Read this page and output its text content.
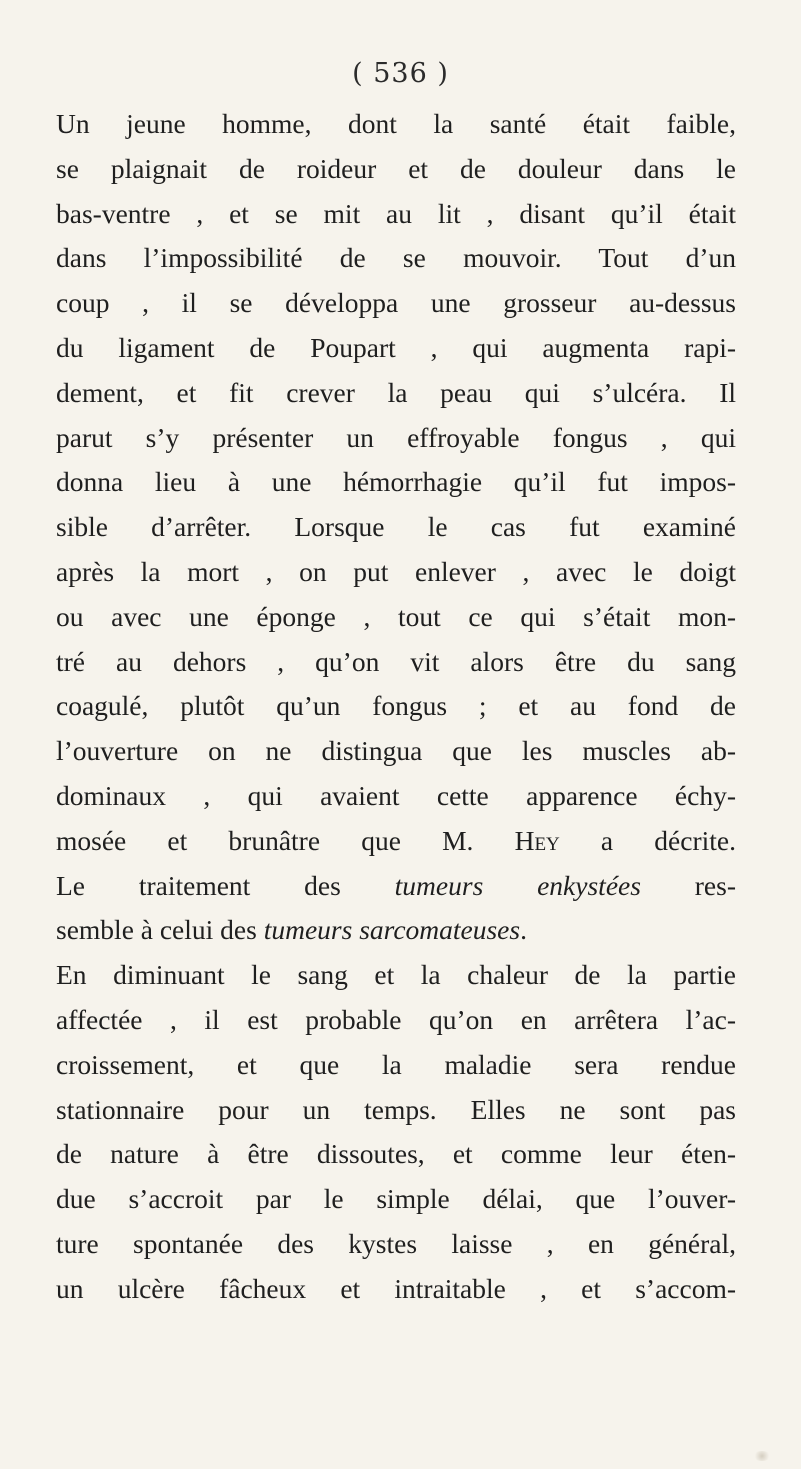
( 536 )
Un jeune homme, dont la santé était faible,
se plaignait de roideur et de douleur dans le
bas-ventre , et se mit au lit , disant qu’il était
dans l’impossibilité de se mouvoir. Tout d’un
coup , il se développa une grosseur au-dessus
du ligament de Poupart , qui augmenta rapi-
dement, et fit crever la peau qui s’ulcéra. Il
parut s’y présenter un effroyable fongus , qui
donna lieu à une hémorrhagie qu’il fut impos-
sible d’arrêter. Lorsque le cas fut examiné
après la mort , on put enlever , avec le doigt
ou avec une éponge , tout ce qui s’était mon-
tré au dehors , qu’on vit alors être du sang
coagulé, plutôt qu’un fongus ; et au fond de
l’ouverture on ne distingua que les muscles ab-
dominaux , qui avaient cette apparence échy-
mosée et brunâtre que M. Hey a décrite.
Le traitement des tumeurs enkystées res-
semble à celui des tumeurs sarcomateuses.
En diminuant le sang et la chaleur de la partie
affectée , il est probable qu’on en arrêtera l’ac-
croissement, et que la maladie sera rendue
stationnaire pour un temps. Elles ne sont pas
de nature à être dissoutes, et comme leur éten-
due s’accroit par le simple délai, que l’ouver-
ture spontanée des kystes laisse , en général,
un ulcère fâcheux et intraitable , et s’accom-
